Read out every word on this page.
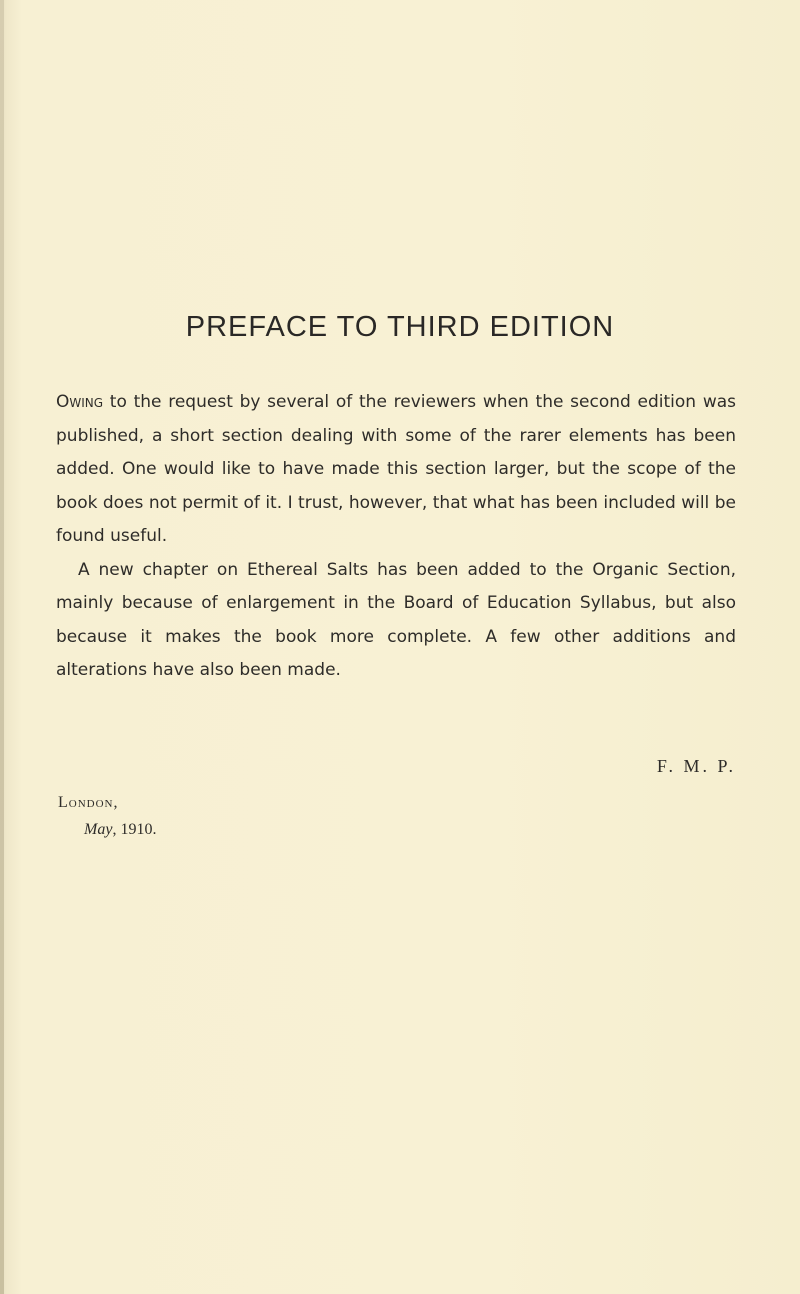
PREFACE TO THIRD EDITION

Owing to the request by several of the reviewers when the second edition was published, a short section dealing with some of the rarer elements has been added. One would like to have made this section larger, but the scope of the book does not permit of it. I trust, however, that what has been included will be found useful.

A new chapter on Ethereal Salts has been added to the Organic Section, mainly because of enlargement in the Board of Education Syllabus, but also because it makes the book more complete. A few other additions and alterations have also been made.

F. M. P.
London,
May, 1910.
